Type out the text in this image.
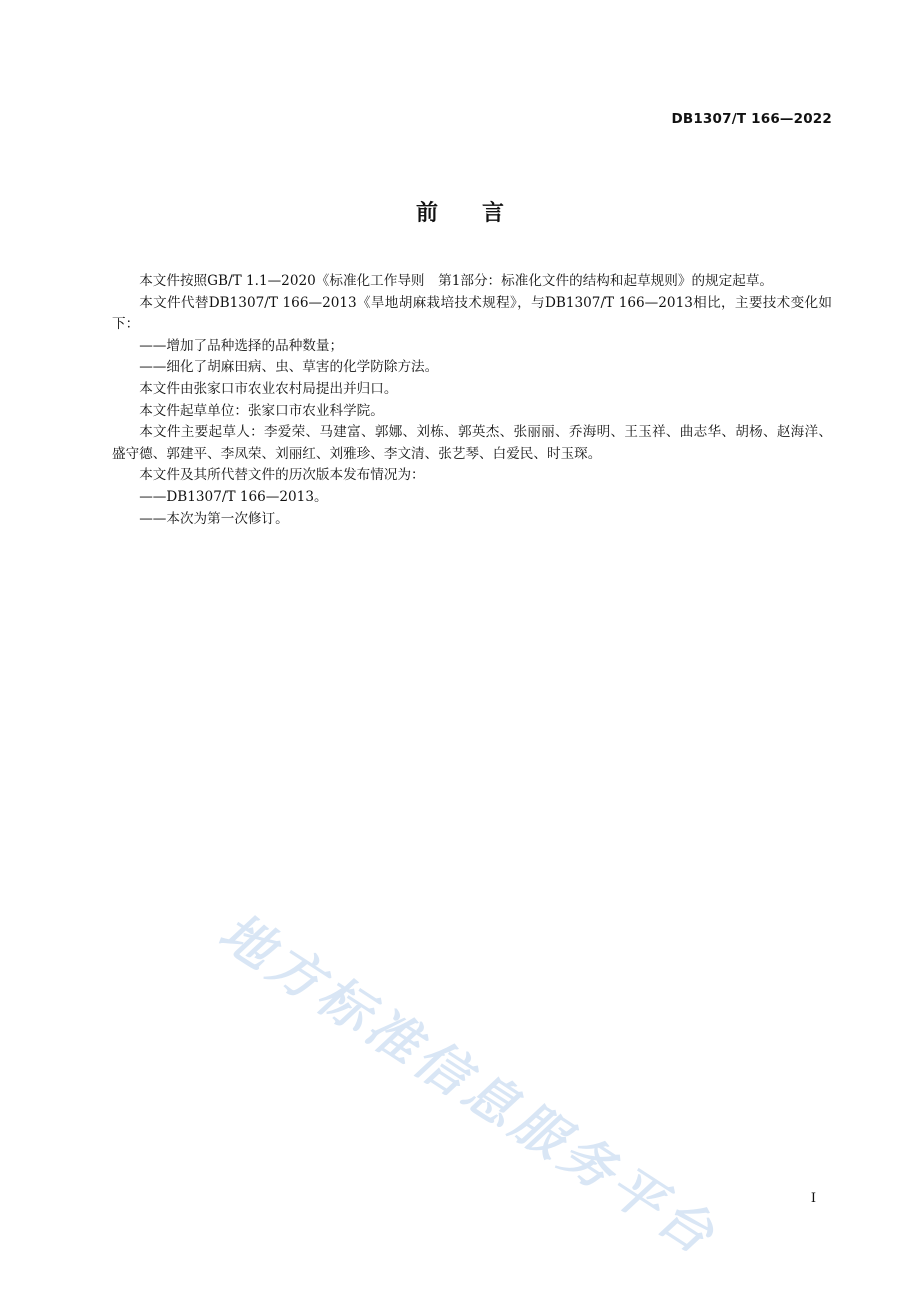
DB1307/T 166—2022
前 言

本文件按照GB/T 1.1—2020《标准化工作导则　第1部分：标准化文件的结构和起草规则》的规定起草。

本文件代替DB1307/T 166—2013《旱地胡麻栽培技术规程》，与DB1307/T 166—2013相比，主要技术变化如下：

——增加了品种选择的品种数量；

——细化了胡麻田病、虫、草害的化学防除方法。

本文件由张家口市农业农村局提出并归口。

本文件起草单位：张家口市农业科学院。

本文件主要起草人：李爱荣、马建富、郭娜、刘栋、郭英杰、张丽丽、乔海明、王玉祥、曲志华、胡杨、赵海洋、盛守德、郭建平、李凤荣、刘丽红、刘雅珍、李文清、张艺琴、白爱民、时玉琛。

本文件及其所代替文件的历次版本发布情况为：

——DB1307/T 166—2013。

——本次为第一次修订。

地方标准信息服务平台	I
